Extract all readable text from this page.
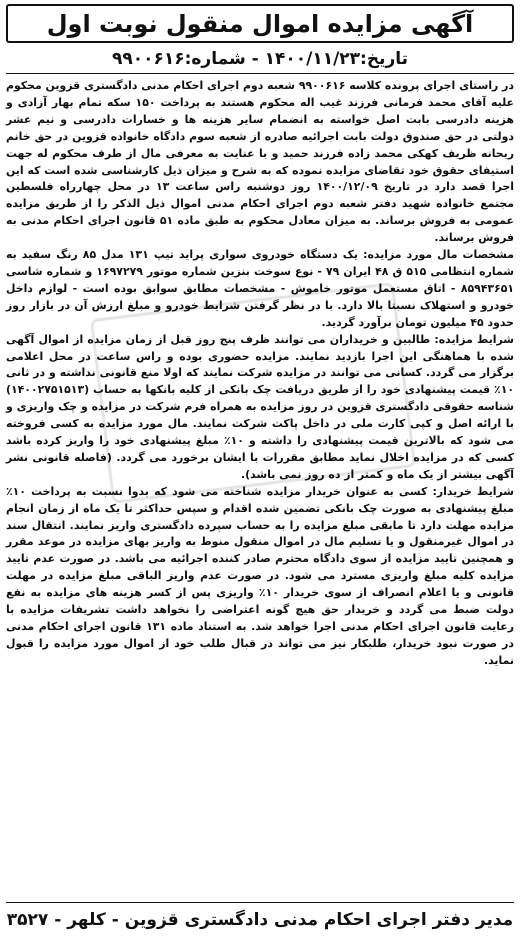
آگهی مزایده اموال منقول نوبت اول
تاریخ:۱۴۰۰/۱۱/۲۳ - شماره:۹۹۰۰۶۱۶

در راستای اجرای پرونده کلاسه ۹۹۰۰۶۱۶ شعبه دوم اجرای احکام مدنی دادگستری قزوین محکوم علیه آقای محمد فرمانی فرزند غیب اله محکوم هستند به پرداخت ۱۵۰ سکه تمام بهار آزادی و هزینه دادرسی بابت اصل خواسته به انضمام سایر هزینه ها و خسارات دادرسی و نیم عشر دولتی در حق صندوق دولت بابت اجرائیه صادره از شعبه سوم دادگاه خانواده قزوین در حق خانم ریحانه ظریف کهکی محمد زاده فرزند حمید و با عنایت به معرفی مال از طرف محکوم له جهت استیفای حقوق خود تقاضای مزایده نموده که به شرح و میزان ذیل کارشناسی شده است که این اجرا قصد دارد در تاریخ ۱۴۰۰/۱۲/۰۹ روز دوشنبه راس ساعت ۱۳ در محل چهارراه فلسطین مجتمع خانواده شهید دفتر شعبه دوم اجرای احکام مدنی اموال ذیل الذکر را از طریق مزایده عمومی به فروش برساند. به میزان معادل محکوم به طبق ماده ۵۱ قانون اجرای احکام مدنی به فروش برساند.

مشخصات مال مورد مزایده: یک دستگاه خودروی سواری پراید تیپ ۱۳۱ مدل ۸۵ رنگ سفید به شماره انتظامی ۵۱۵ ق ۴۸ ایران ۷۹ - نوع سوخت بنزین شماره موتور ۱۶۹۷۲۷۹ و شماره شاسی ۸۵۹۴۳۶۵۱ - اتاق مستعمل موتور خاموش - مشخصات مطابق سوابق بوده است - لوازم داخل خودرو و استهلاک نسبتا بالا دارد. با در نظر گرفتن شرایط خودرو و مبلغ ارزش آن در بازار روز حدود ۴۵ میلیون تومان برآورد گردید.

شرایط مزایده: طالبین و خریداران می توانند ظرف پنج روز قبل از زمان مزایده از اموال آگهی شده با هماهنگی این اجرا بازدید نمایند. مزایده حضوری بوده و راس ساعت در محل اعلامی برگزار می گردد. کسانی می توانند در مزایده شرکت نمایند که اولا منع قانونی نداشته و در ثانی ۱۰٪ قیمت پیشنهادی خود را از طریق دریافت چک بانکی از کلیه بانکها به حساب (۱۴۰۰۲۷۵۱۵۱۳) شناسه حقوقی دادگستری قزوین در روز مزایده به همراه فرم شرکت در مزایده و چک واریزی و با ارائه اصل و کپی کارت ملی در داخل پاکت شرکت نمایند. مال مورد مزایده به کسی فروخته می شود که بالاترین قیمت پیشنهادی را داشته و ۱۰٪ مبلغ پیشنهادی خود را واریز کرده باشد کسی که در مزایده اخلال نماید مطابق مقررات با ایشان برخورد می گردد. (فاصله قانونی نشر آگهی بیشتر از یک ماه و کمتر از ده روز نمی باشد).

شرایط خریدار: کسی به عنوان خریدار مزایده شناخته می شود که بدوا نسبت به پرداخت ۱۰٪ مبلغ پیشنهادی به صورت چک بانکی تضمین شده اقدام و سپس حداکثر تا یک ماه از زمان انجام مزایده مهلت دارد تا مابقی مبلغ مزایده را به حساب سپرده دادگستری واریز نمایند. انتقال سند در اموال غیرمنقول و یا تسلیم مال در اموال منقول منوط به واریز بهای مزایده در موعد مقرر و همچنین تایید مزایده از سوی دادگاه محترم صادر کننده اجرائیه می باشد. در صورت عدم تایید مزایده کلیه مبلغ واریزی مسترد می شود. در صورت عدم واریز الباقی مبلغ مزایده در مهلت قانونی و یا اعلام انصراف از سوی خریدار ۱۰٪ واریزی پس از کسر هزینه های مزایده به نفع دولت ضبط می گردد و خریدار حق هیچ گونه اعتراضی را نخواهد داشت تشریفات مزایده با رعایت قانون اجرای احکام مدنی اجرا خواهد شد. به استناد ماده ۱۳۱ قانون اجرای احکام مدنی در صورت نبود خریدار، طلبکار نیز می تواند در قبال طلب خود از اموال مورد مزایده را قبول نماید.

مدیر دفتر اجرای احکام مدنی دادگستری قزوین - کلهر - ۳۵۲۷
